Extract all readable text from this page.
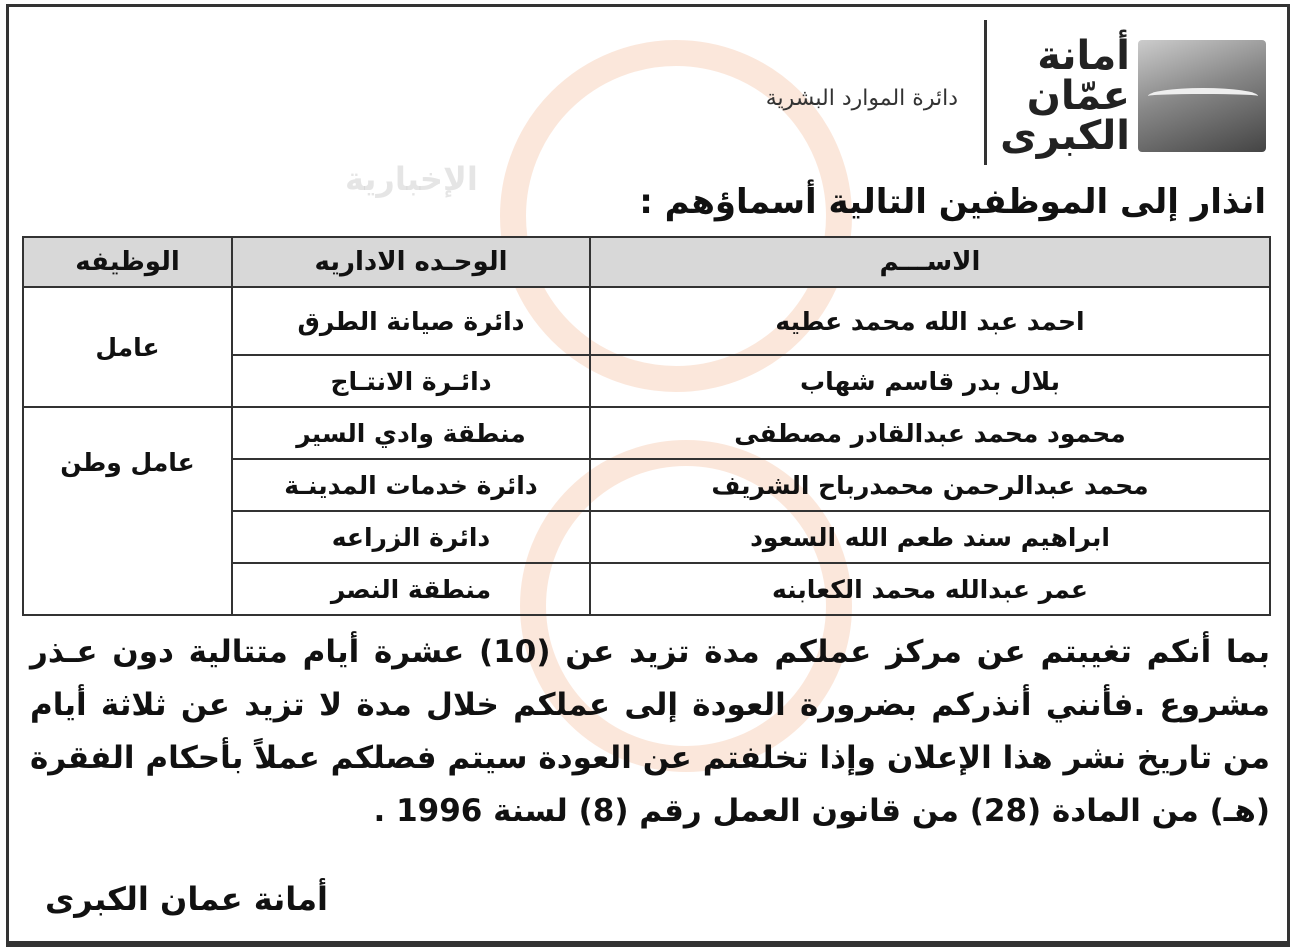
الإخبارية
أمانة عمّان الكبرى
دائرة الموارد البشرية
انذار إلى الموظفين التالية أسماؤهم :
الاســـم	الوحـده الاداريه	الوظيفه
احمد عبد الله محمد عطيه	دائرة صيانة الطرق	عامل
بلال بدر قاسم شهاب	دائـرة الانتـاج	
محمود محمد عبدالقادر مصطفى	منطقة وادي السير	عامل وطن
محمد عبدالرحمن محمدرباح الشريف	دائرة خدمات المدينـة	
ابراهيم سند طعم الله السعود	دائرة الزراعه	
عمر عبدالله محمد الكعابنه	منطقة النصر	
بما أنكم تغيبتم عن مركز عملكم مدة تزيد عن (10) عشرة أيام متتالية دون عـذر مشروع .فأنني أنذركم بضرورة العودة إلى عملكم خلال مدة لا تزيد عن ثلاثة أيام من تاريخ نشر هذا الإعلان وإذا تخلفتم عن العودة سيتم فصلكم عملاً بأحكام الفقرة (هـ) من المادة (28) من قانون العمل رقم (8) لسنة 1996 .
أمانة عمان الكبرى
